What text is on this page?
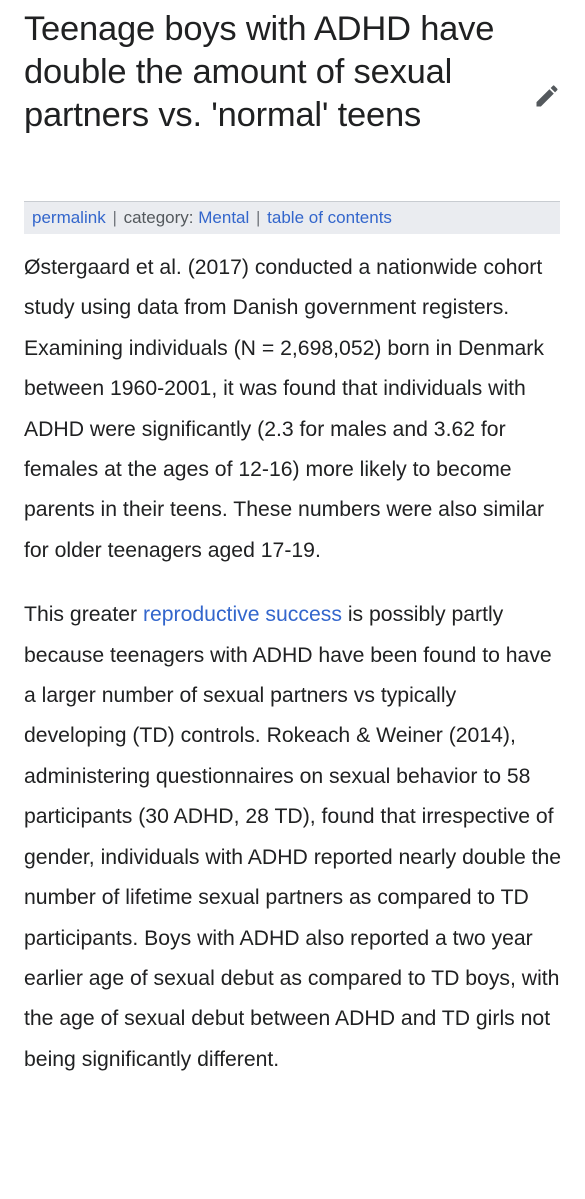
Teenage boys with ADHD have double the amount of sexual partners vs. 'normal' teens
permalink | category: Mental | table of contents

Østergaard et al. (2017) conducted a nationwide cohort study using data from Danish government registers. Examining individuals (N = 2,698,052) born in Denmark between 1960-2001, it was found that individuals with ADHD were significantly (2.3 for males and 3.62 for females at the ages of 12-16) more likely to become parents in their teens. These numbers were also similar for older teenagers aged 17-19.

This greater reproductive success is possibly partly because teenagers with ADHD have been found to have a larger number of sexual partners vs typically developing (TD) controls. Rokeach & Weiner (2014), administering questionnaires on sexual behavior to 58 participants (30 ADHD, 28 TD), found that irrespective of gender, individuals with ADHD reported nearly double the number of lifetime sexual partners as compared to TD participants. Boys with ADHD also reported a two year earlier age of sexual debut as compared to TD boys, with the age of sexual debut between ADHD and TD girls not being significantly different.
